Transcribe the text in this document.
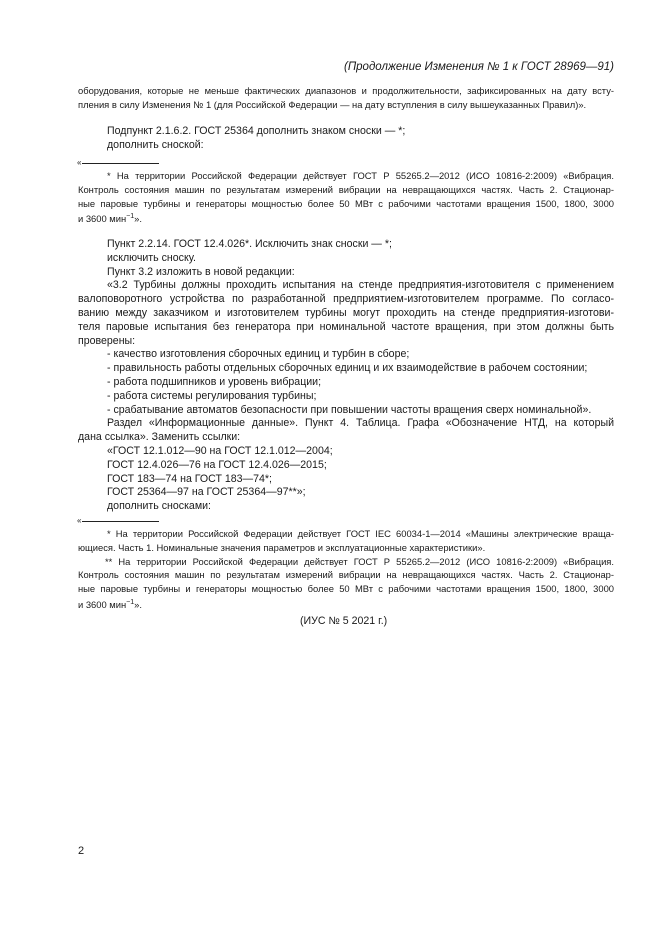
(Продолжение Изменения № 1 к ГОСТ 28969—91)
оборудования, которые не меньше фактических диапазонов и продолжительности, зафиксированных на дату всту-
пления в силу Изменения № 1 (для Российской Федерации — на дату вступления в силу вышеуказанных Правил)».
Подпункт 2.1.6.2. ГОСТ 25364 дополнить знаком сноски — *;
дополнить сноской:
«
* На территории Российской Федерации действует ГОСТ Р 55265.2—2012 (ИСО 10816-2:2009) «Вибрация.
Контроль состояния машин по результатам измерений вибрации на невращающихся частях. Часть 2. Стационар-
ные паровые турбины и генераторы мощностью более 50 МВт с рабочими частотами вращения 1500, 1800, 3000
и 3600 мин$^{-1}$».
Пункт 2.2.14. ГОСТ 12.4.026*. Исключить знак сноски — *;
исключить сноску.
Пункт 3.2 изложить в новой редакции:
«3.2 Турбины должны проходить испытания на стенде предприятия-изготовителя с применением
валоповоротного устройства по разработанной предприятием-изготовителем программе. По согласо-
ванию между заказчиком и изготовителем турбины могут проходить на стенде предприятия-изготови-
теля паровые испытания без генератора при номинальной частоте вращения, при этом должны быть
проверены:
- качество изготовления сборочных единиц и турбин в сборе;
- правильность работы отдельных сборочных единиц и их взаимодействие в рабочем состоянии;
- работа подшипников и уровень вибрации;
- работа системы регулирования турбины;
- срабатывание автоматов безопасности при повышении частоты вращения сверх номинальной».
Раздел «Информационные данные». Пункт 4. Таблица. Графа «Обозначение НТД, на который
дана ссылка». Заменить ссылки:
«ГОСТ 12.1.012—90 на ГОСТ 12.1.012—2004;
ГОСТ 12.4.026—76 на ГОСТ 12.4.026—2015;
ГОСТ 183—74 на ГОСТ 183—74*;
ГОСТ 25364—97 на ГОСТ 25364—97**»;
дополнить сносками:
«
* На территории Российской Федерации действует ГОСТ IEC 60034-1—2014 «Машины электрические враща-
ющиеся. Часть 1. Номинальные значения параметров и эксплуатационные характеристики».
** На территории Российской Федерации действует ГОСТ Р 55265.2—2012 (ИСО 10816-2:2009) «Вибрация.
Контроль состояния машин по результатам измерений вибрации на невращающихся частях. Часть 2. Стационар-
ные паровые турбины и генераторы мощностью более 50 МВт с рабочими частотами вращения 1500, 1800, 3000
и 3600 мин$^{-1}$».
(ИУС № 5 2021 г.)
2
